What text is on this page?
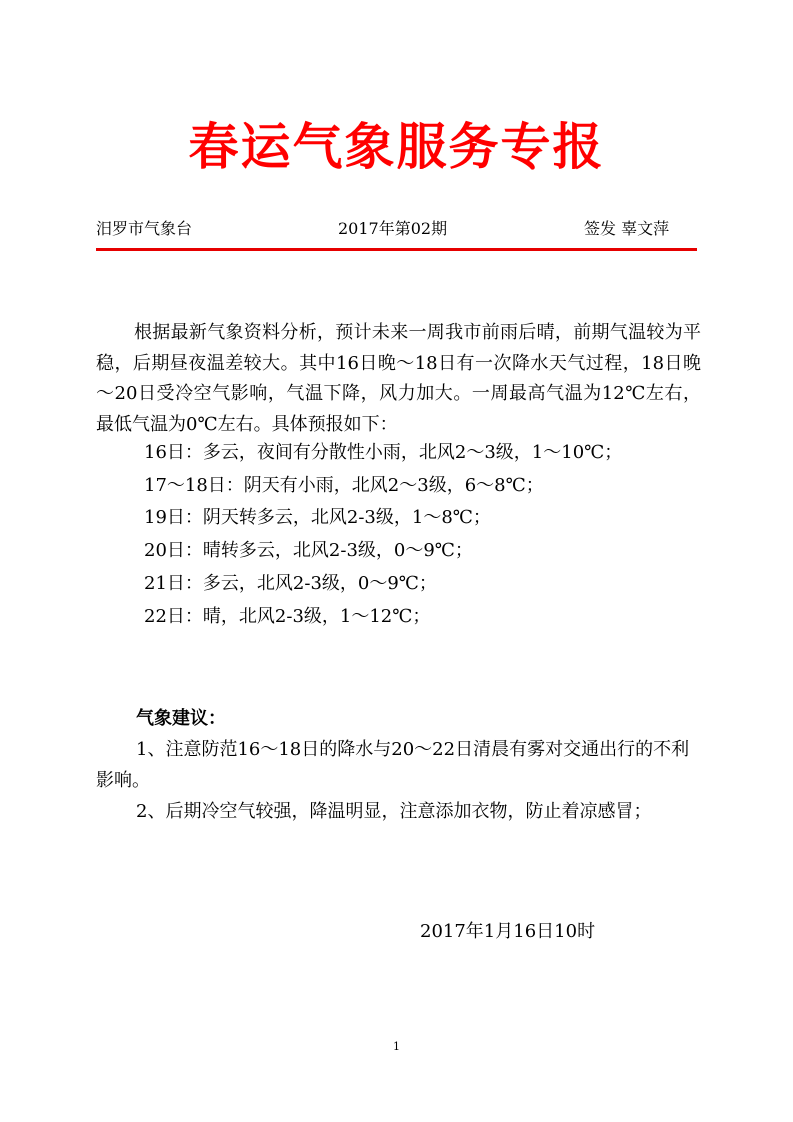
春运气象服务专报
汨罗市气象台	2017年第02期	签发 辜文萍
根据最新气象资料分析，预计未来一周我市前雨后晴，前期气温较为平稳，后期昼夜温差较大。其中16日晚～18日有一次降水天气过程，18日晚～20日受冷空气影响，气温下降，风力加大。一周最高气温为12℃左右，最低气温为0℃左右。具体预报如下：
16日：多云，夜间有分散性小雨，北风2～3级，1～10℃；
17～18日：阴天有小雨，北风2～3级，6～8℃；
19日：阴天转多云，北风2-3级，1～8℃；
20日：晴转多云，北风2-3级，0～9℃；
21日：多云，北风2-3级，0～9℃；
22日：晴，北风2-3级，1～12℃；
气象建议：
1、注意防范16～18日的降水与20～22日清晨有雾对交通出行的不利影响。
2、后期冷空气较强，降温明显，注意添加衣物，防止着凉感冒；
2017年1月16日10时
1
